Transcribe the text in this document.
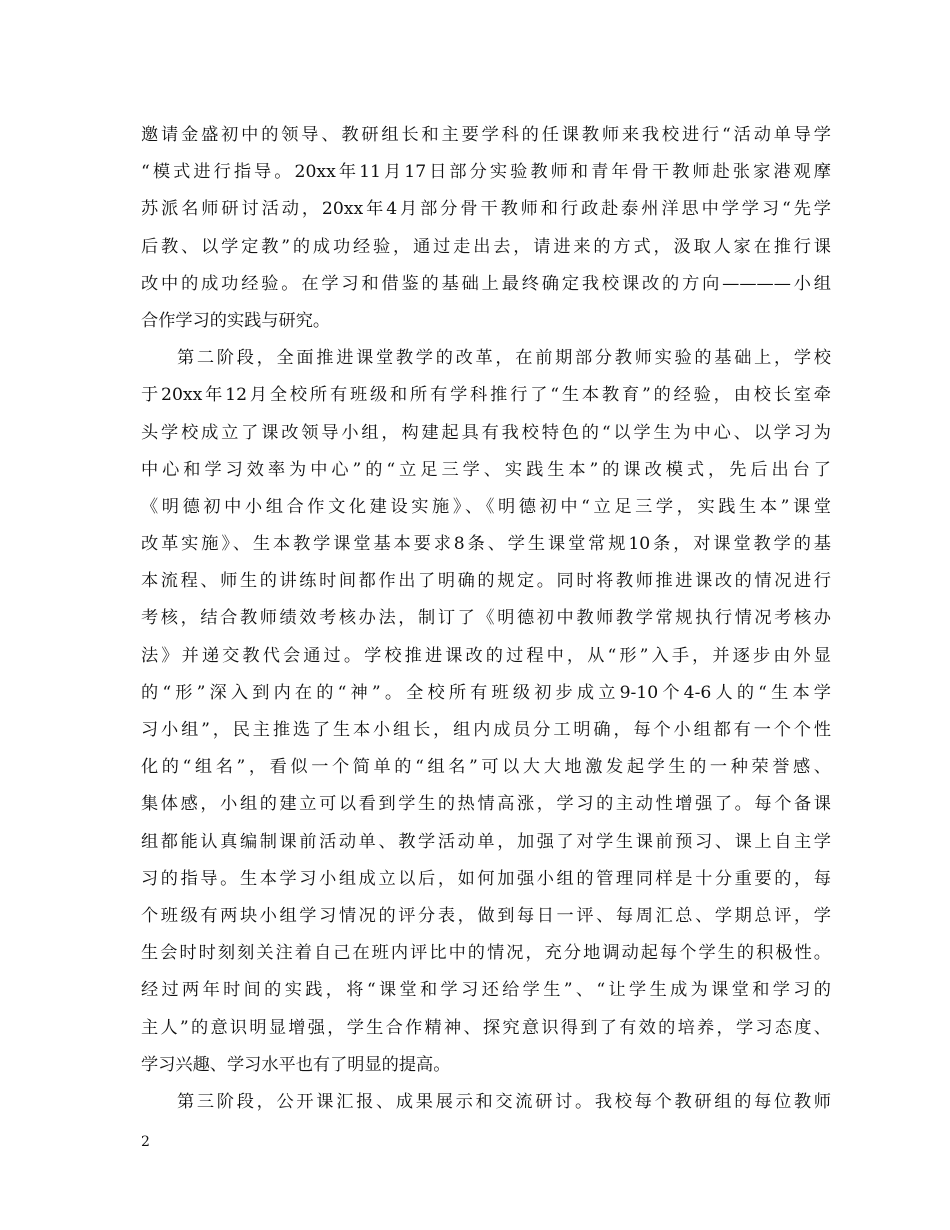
邀请金盛初中的领导、教研组长和主要学科的任课教师来我校进行“活动单导学
“模式进行指导。20xx年11月17日部分实验教师和青年骨干教师赴张家港观摩
苏派名师研讨活动，20xx年4月部分骨干教师和行政赴泰州洋思中学学习“先学
后教、以学定教”的成功经验，通过走出去，请进来的方式，汲取人家在推行课
改中的成功经验。在学习和借鉴的基础上最终确定我校课改的方向————小组
合作学习的实践与研究。
第二阶段，全面推进课堂教学的改革，在前期部分教师实验的基础上，学校
于20xx年12月全校所有班级和所有学科推行了“生本教育”的经验，由校长室牵
头学校成立了课改领导小组，构建起具有我校特色的“以学生为中心、以学习为
中心和学习效率为中心”的“立足三学、实践生本”的课改模式，先后出台了
《明德初中小组合作文化建设实施》、《明德初中“立足三学，实践生本”课堂
改革实施》、生本教学课堂基本要求8条、学生课堂常规10条，对课堂教学的基
本流程、师生的讲练时间都作出了明确的规定。同时将教师推进课改的情况进行
考核，结合教师绩效考核办法，制订了《明德初中教师教学常规执行情况考核办
法》并递交教代会通过。学校推进课改的过程中，从“形”入手，并逐步由外显
的“形”深入到内在的“神”。全校所有班级初步成立9-10个4-6人的“生本学
习小组”，民主推选了生本小组长，组内成员分工明确，每个小组都有一个个性
化的“组名”，看似一个简单的“组名”可以大大地激发起学生的一种荣誉感、
集体感，小组的建立可以看到学生的热情高涨，学习的主动性增强了。每个备课
组都能认真编制课前活动单、教学活动单，加强了对学生课前预习、课上自主学
习的指导。生本学习小组成立以后，如何加强小组的管理同样是十分重要的，每
个班级有两块小组学习情况的评分表，做到每日一评、每周汇总、学期总评，学
生会时时刻刻关注着自己在班内评比中的情况，充分地调动起每个学生的积极性。
经过两年时间的实践，将“课堂和学习还给学生”、“让学生成为课堂和学习的
主人”的意识明显增强，学生合作精神、探究意识得到了有效的培养，学习态度、
学习兴趣、学习水平也有了明显的提高。
第三阶段，公开课汇报、成果展示和交流研讨。我校每个教研组的每位教师
2
